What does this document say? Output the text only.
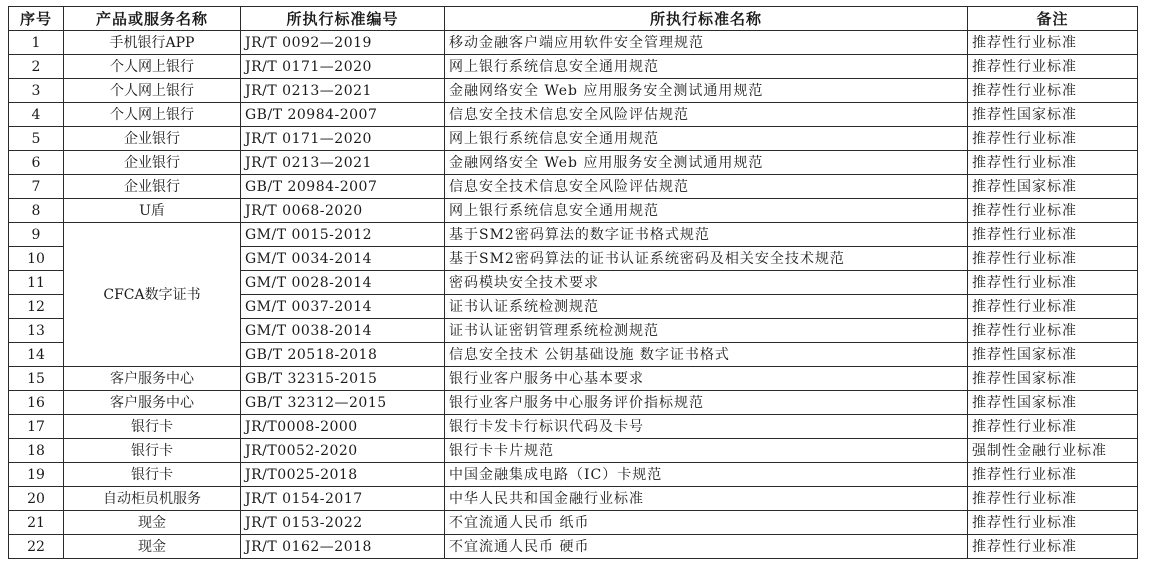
序号	产品或服务名称	所执行标准编号	所执行标准名称	备注
1	手机银行APP	JR/T 0092—2019	移动金融客户端应用软件安全管理规范	推荐性行业标准
2	个人网上银行	JR/T 0171—2020	网上银行系统信息安全通用规范	推荐性行业标准
3	个人网上银行	JR/T 0213—2021	金融网络安全 Web 应用服务安全测试通用规范	推荐性行业标准
4	个人网上银行	GB/T 20984-2007	信息安全技术信息安全风险评估规范	推荐性国家标准
5	企业银行	JR/T 0171—2020	网上银行系统信息安全通用规范	推荐性行业标准
6	企业银行	JR/T 0213—2021	金融网络安全 Web 应用服务安全测试通用规范	推荐性行业标准
7	企业银行	GB/T 20984-2007	信息安全技术信息安全风险评估规范	推荐性国家标准
8	U盾	JR/T 0068-2020	网上银行系统信息安全通用规范	推荐性行业标准
9	CFCA数字证书	GM/T 0015-2012	基于SM2密码算法的数字证书格式规范	推荐性行业标准
10		GM/T 0034-2014	基于SM2密码算法的证书认证系统密码及相关安全技术规范	推荐性行业标准
11		GM/T 0028-2014	密码模块安全技术要求	推荐性行业标准
12		GM/T 0037-2014	证书认证系统检测规范	推荐性行业标准
13		GM/T 0038-2014	证书认证密钥管理系统检测规范	推荐性行业标准
14		GB/T 20518-2018	信息安全技术 公钥基础设施 数字证书格式	推荐性国家标准
15	客户服务中心	GB/T 32315-2015	银行业客户服务中心基本要求	推荐性国家标准
16	客户服务中心	GB/T 32312—2015	银行业客户服务中心服务评价指标规范	推荐性国家标准
17	银行卡	JR/T0008-2000	银行卡发卡行标识代码及卡号	推荐性行业标准
18	银行卡	JR/T0052-2020	银行卡卡片规范	强制性金融行业标准
19	银行卡	JR/T0025-2018	中国金融集成电路（IC）卡规范	推荐性行业标准
20	自动柜员机服务	JR/T 0154-2017	中华人民共和国金融行业标准	推荐性行业标准
21	现金	JR/T 0153-2022	不宜流通人民币 纸币	推荐性行业标准
22	现金	JR/T 0162—2018	不宜流通人民币 硬币	推荐性行业标准
